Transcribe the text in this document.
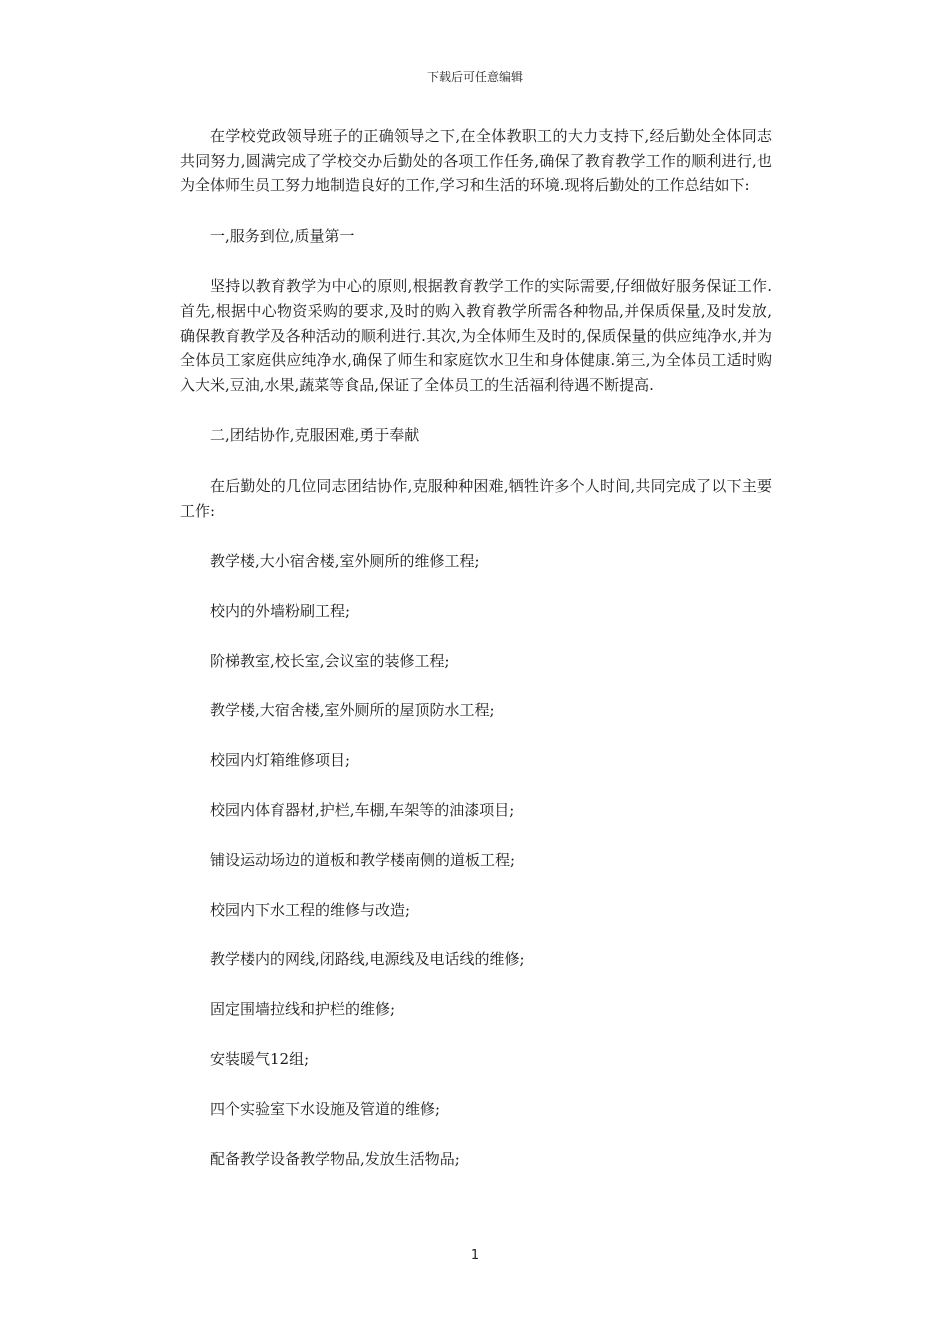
下载后可任意编辑

在学校党政领导班子的正确领导之下,在全体教职工的大力支持下,经后勤处全体同志共同努力,圆满完成了学校交办后勤处的各项工作任务,确保了教育教学工作的顺利进行,也为全体师生员工努力地制造良好的工作,学习和生活的环境.现将后勤处的工作总结如下:

一,服务到位,质量第一

坚持以教育教学为中心的原则,根据教育教学工作的实际需要,仔细做好服务保证工作.首先,根据中心物资采购的要求,及时的购入教育教学所需各种物品,并保质保量,及时发放,确保教育教学及各种活动的顺利进行.其次,为全体师生及时的,保质保量的供应纯净水,并为全体员工家庭供应纯净水,确保了师生和家庭饮水卫生和身体健康.第三,为全体员工适时购入大米,豆油,水果,蔬菜等食品,保证了全体员工的生活福利待遇不断提高.

二,团结协作,克服困难,勇于奉献

在后勤处的几位同志团结协作,克服种种困难,牺牲许多个人时间,共同完成了以下主要工作:

教学楼,大小宿舍楼,室外厕所的维修工程;
校内的外墙粉刷工程;
阶梯教室,校长室,会议室的装修工程;
教学楼,大宿舍楼,室外厕所的屋顶防水工程;
校园内灯箱维修项目;
校园内体育器材,护栏,车棚,车架等的油漆项目;
铺设运动场边的道板和教学楼南侧的道板工程;
校园内下水工程的维修与改造;
教学楼内的网线,闭路线,电源线及电话线的维修;
固定围墙拉线和护栏的维修;
安装暖气12组;
四个实验室下水设施及管道的维修;
配备教学设备教学物品,发放生活物品;
1
